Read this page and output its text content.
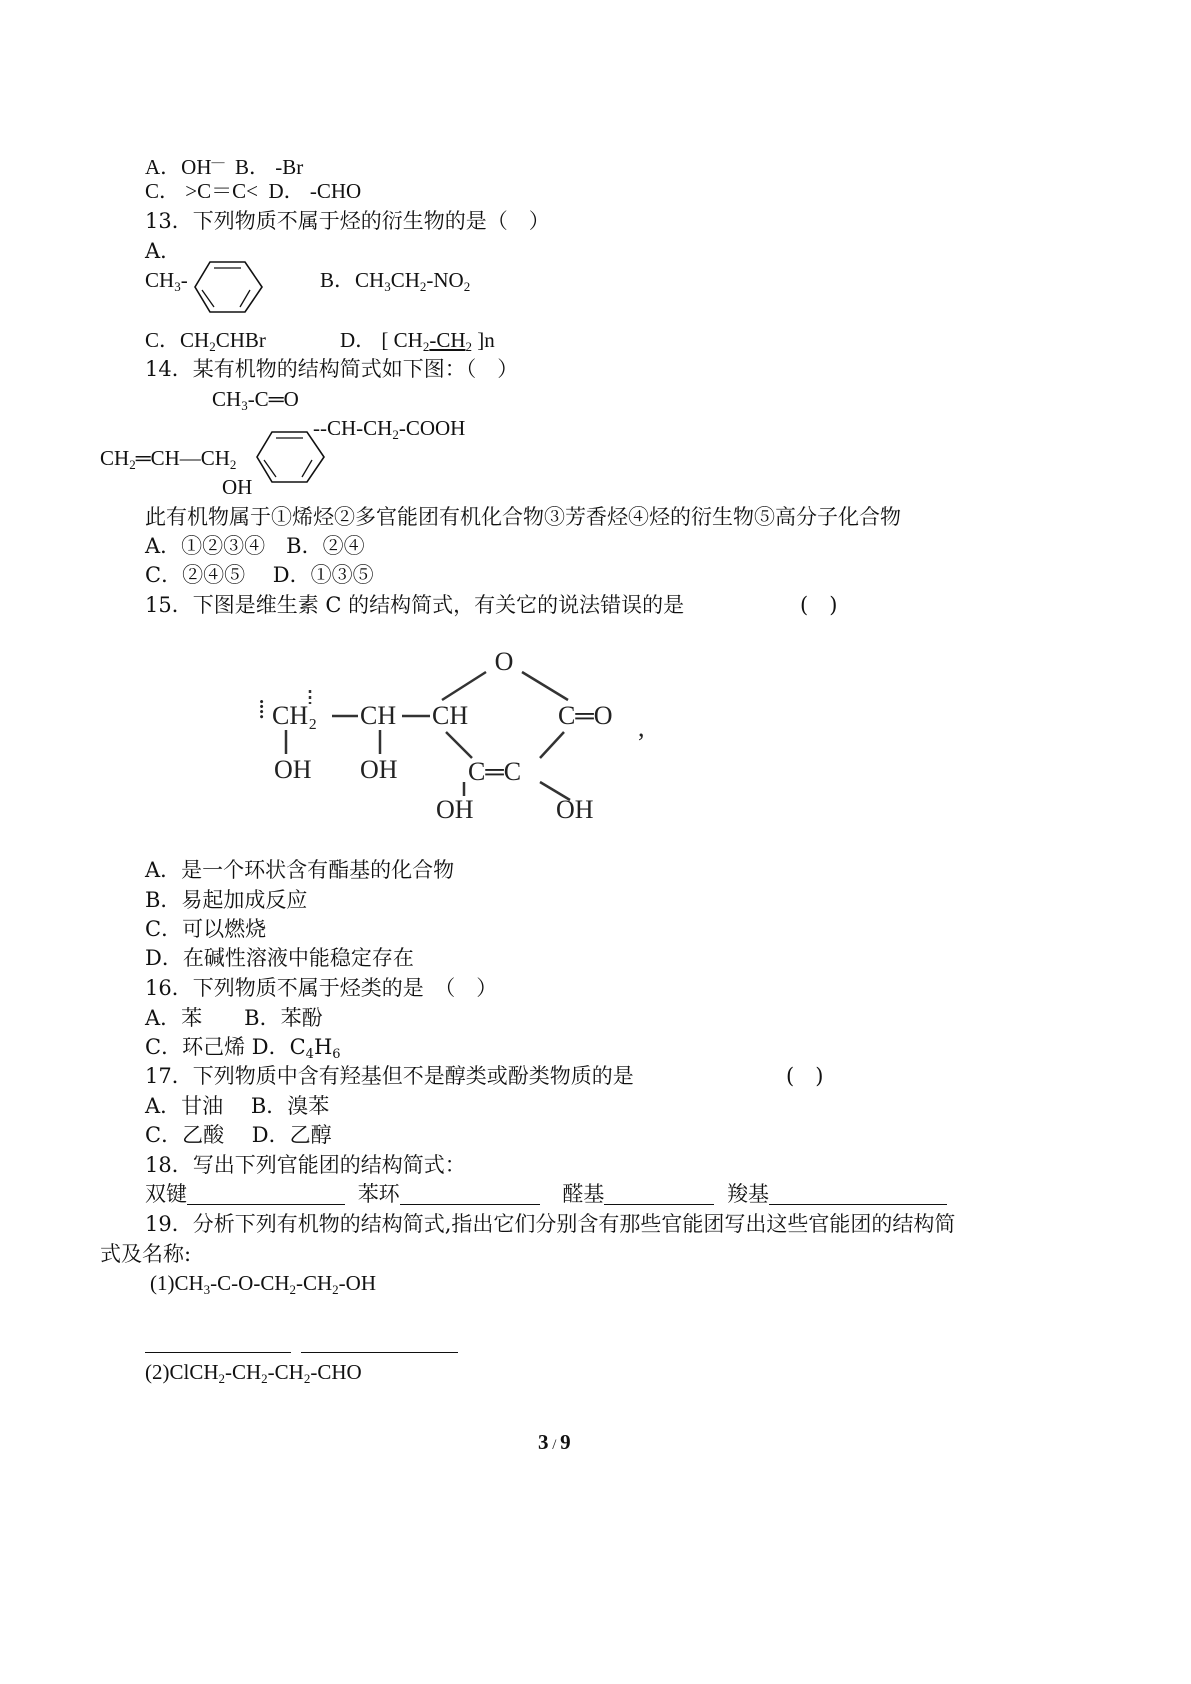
A．OH— B． -Br
C． >C＝C< D． -CHO
13．下列物质不属于烃的衍生物的是（　）
A．
$CH_3-$	B．$CH_3CH_2-NO_2$
C．$CH_2CHBr$	D． [ $CH_2-CH_2$ ]n
14．某有机物的结构简式如下图：（　）
$CH_3-C═O$
$--CH-CH_2$-COOH
$CH_2═CH—CH_2$
OH
此有机物属于①烯烃②多官能团有机化合物③芳香烃④烃的衍生物⑤高分子化合物
A．①②③④　B．②④
C．②④⑤　 D．①③⑤
15．下图是维生素 C 的结构简式，有关它的说法错误的是	(　)
O
⁞ CH₂ CH CH	C═O ,
C═C
OH OH
OH	OH
A．是一个环状含有酯基的化合物
B．易起加成反应
C．可以燃烧
D．在碱性溶液中能稳定存在
16．下列物质不属于烃类的是　（　）
A．苯　　B．苯酚
C．环己烯 D．$C_4H_6$
17．下列物质中含有羟基但不是醇类或酚类物质的是	(　)
A．甘油　 B．溴苯
C．乙酸　 D．乙醇
18．写出下列官能团的结构简式：
双键	苯环	醛基	羧基
19．分析下列有机物的结构简式,指出它们分别含有那些官能团写出这些官能团的结构简
式及名称:
$(1)CH_3-C-O-CH_2-CH_2-OH$
$(2)ClCH_2-CH_2-CH_2$-CHO
3 / 9
